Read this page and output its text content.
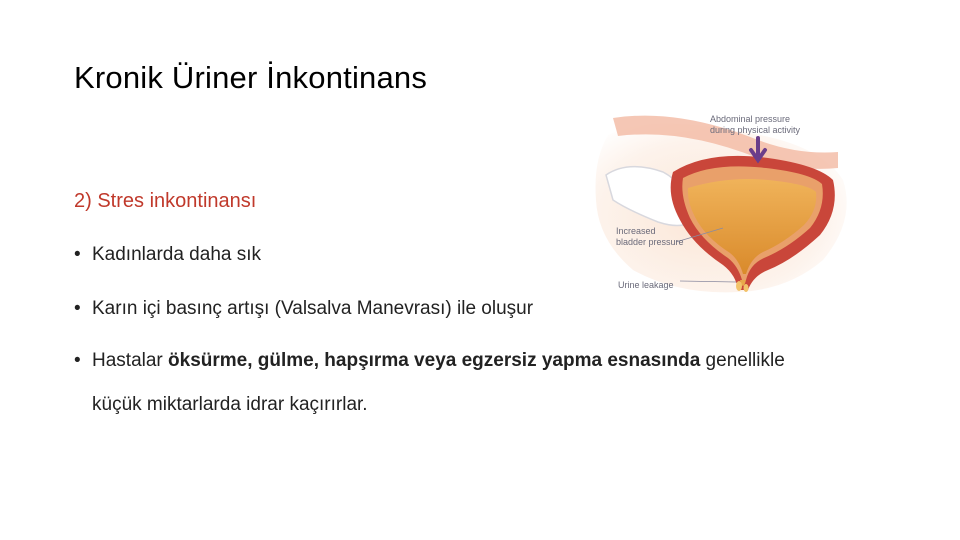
Kronik Üriner İnkontinans
2) Stres inkontinansı
• Kadınlarda daha sık
• Karın içi basınç artışı (Valsalva Manevrası) ile oluşur
• Hastalar öksürme, gülme, hapşırma veya egzersiz yapma esnasında genellikle
küçük miktarlarda idrar kaçırırlar.
Abdominal pressure
during physical activity
Increased
bladder pressure
Urine leakage
